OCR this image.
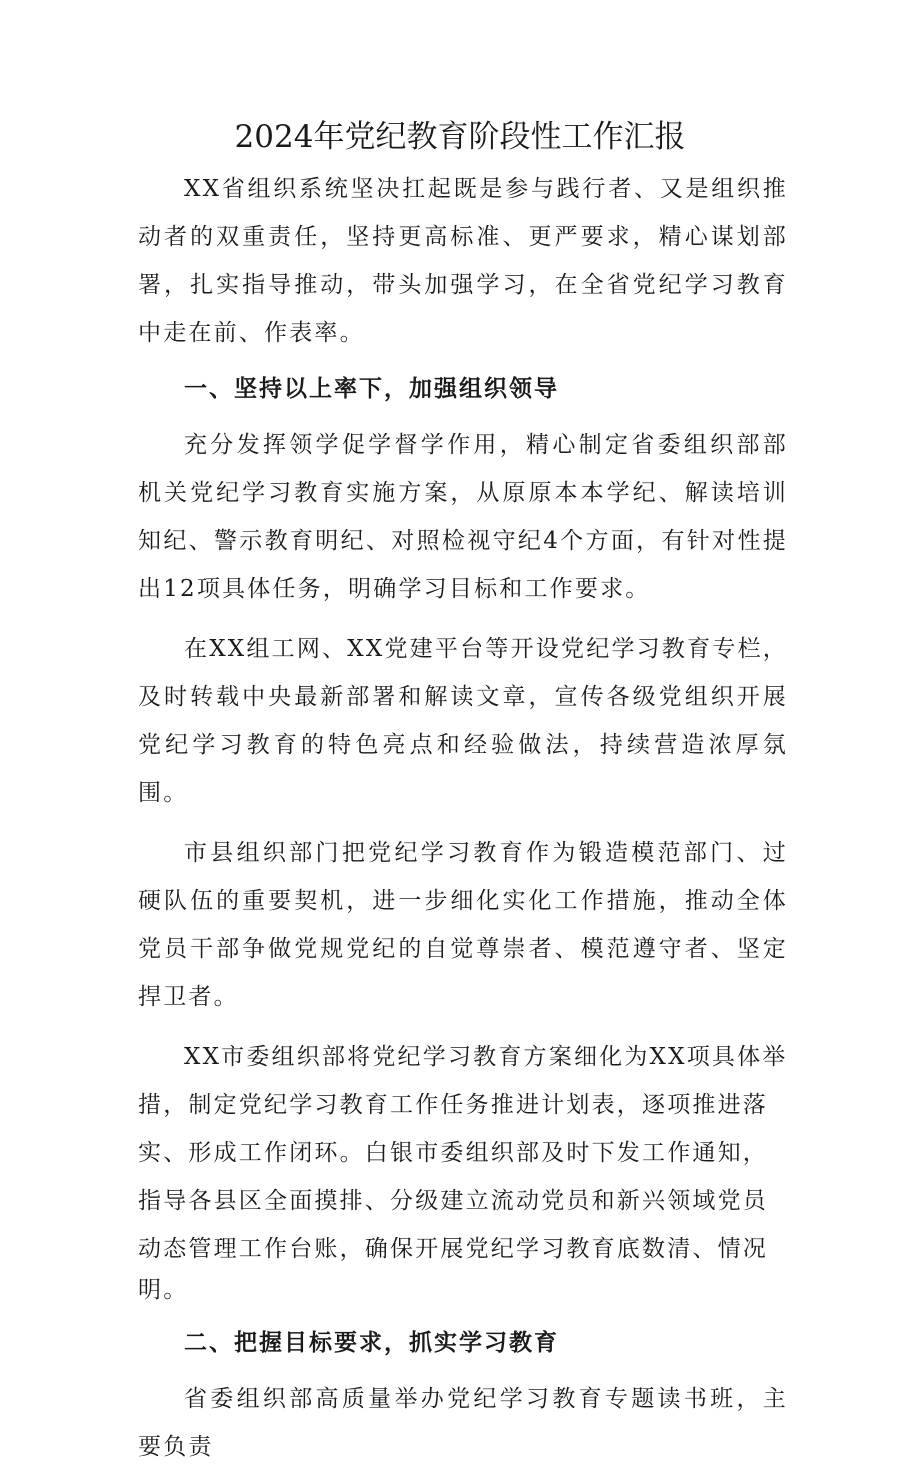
2024年党纪教育阶段性工作汇报

XX省组织系统坚决扛起既是参与践行者、又是组织推动者的双重责任，坚持更高标准、更严要求，精心谋划部署，扎实指导推动，带头加强学习，在全省党纪学习教育中走在前、作表率。

一、坚持以上率下，加强组织领导

充分发挥领学促学督学作用，精心制定省委组织部部机关党纪学习教育实施方案，从原原本本学纪、解读培训知纪、警示教育明纪、对照检视守纪4个方面，有针对性提出12项具体任务，明确学习目标和工作要求。

在XX组工网、XX党建平台等开设党纪学习教育专栏，及时转载中央最新部署和解读文章，宣传各级党组织开展党纪学习教育的特色亮点和经验做法，持续营造浓厚氛围。

市县组织部门把党纪学习教育作为锻造模范部门、过硬队伍的重要契机，进一步细化实化工作措施，推动全体党员干部争做党规党纪的自觉尊崇者、模范遵守者、坚定捍卫者。

XX市委组织部将党纪学习教育方案细化为XX项具体举措，制定党纪学习教育工作任务推进计划表，逐项推进落实、形成工作闭环。白银市委组织部及时下发工作通知，指导各县区全面摸排、分级建立流动党员和新兴领域党员动态管理工作台账，确保开展党纪学习教育底数清、情况

明。

二、把握目标要求，抓实学习教育

省委组织部高质量举办党纪学习教育专题读书班，主要负责
